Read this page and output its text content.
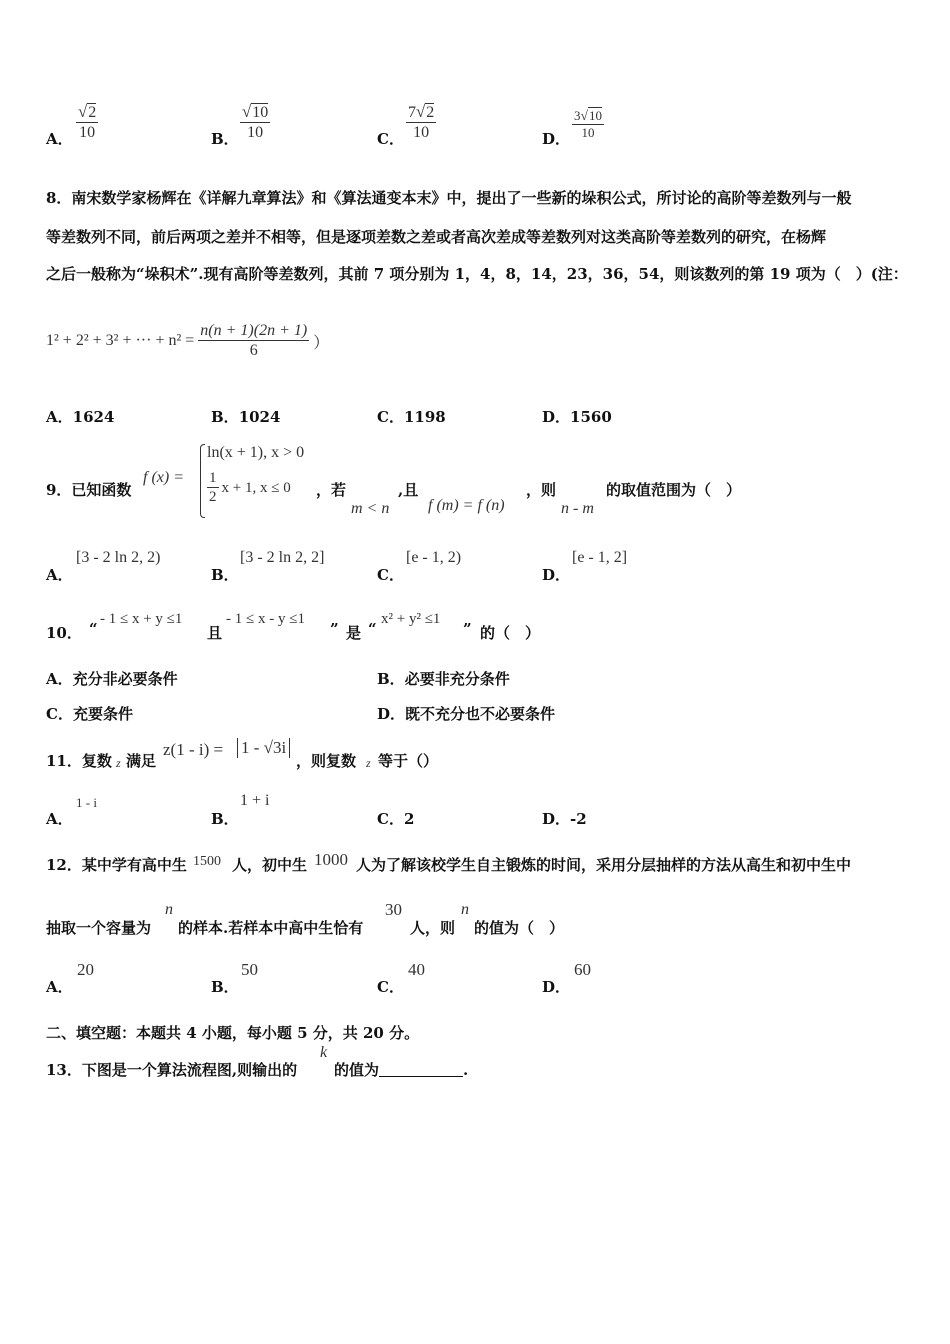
A． $\frac{√2}{10}$	B． $\frac{√10}{10}$	C． $\frac{7√2}{10}$	D． $\frac{3√10}{10}$
8．南宋数学家杨辉在《详解九章算法》和《算法通变本末》中，提出了一些新的垛积公式，所讨论的高阶等差数列与一般
等差数列不同，前后两项之差并不相等，但是逐项差数之差或者高次差成等差数列对这类高阶等差数列的研究，在杨辉
之后一般称为“垛积术”.现有高阶等差数列，其前 7 项分别为 1，4，8，14，23，36，54，则该数列的第 19 项为（　）(注：
1² + 2² + 3² + ··· + $n^2 = \frac{n(n + 1)(2n + 1)}{6}$ ）
A．1624	B．1024	C．1198	D．1560
9．已知函数
f (x) =
ln(x + 1), x > 0
$\frac{1}{2}$ x + 1, x ≤ 0 ，若
m < n
,且
f (m) = f (n)
，则
n - m
的取值范围为（　）
A．
[3 - 2 ln 2, 2)
B．
[3 - 2 ln 2, 2]
C．
[e - 1, 2)
D．
[e - 1, 2]
10． “
- 1 ≤ x + y ≤1
且
- 1 ≤ x - y ≤1
” 是 “
x² + y² ≤1
” 的（　）
A．充分非必要条件	B．必要非充分条件
C．充要条件	D．既不充分也不必要条件
11．复数 z 满足
z(1 - i) = 1 - √3i
，则复数 z 等于（）
A．
1 - i
B．
1 + i
C．2	D．-2
12．某中学有高中生 1500 人，初中生 1000 人为了解该校学生自主锻炼的时间，采用分层抽样的方法从高生和初中生中
抽取一个容量为
n
的样本.若样本中高中生恰有
30
人，则
n
的值为（　）
A．
20
B．
50
C．
40
D．
60
二、填空题：本题共 4 小题，每小题 5 分，共 20 分。
13．下图是一个算法流程图,则输出的
k
的值为	.
